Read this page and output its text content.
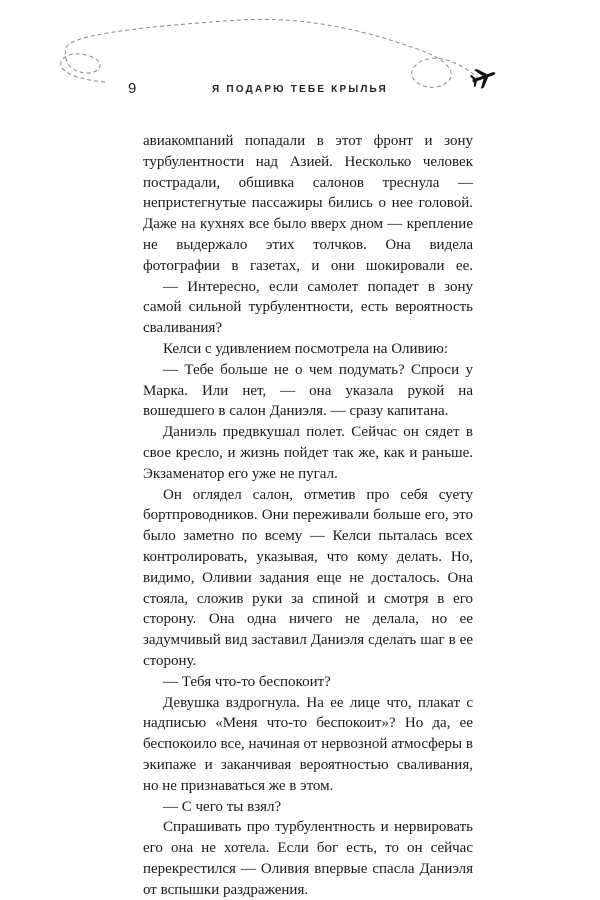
9	Я ПОДАРЮ ТЕБЕ КРЫЛЬЯ

авиакомпаний попадали в этот фронт и зону турбулентности над Азией. Несколько человек пострадали, обшивка салонов треснула — непристегнутые пассажиры бились о нее головой. Даже на кухнях все было вверх дном — крепление не выдержало этих толчков. Она видела фотографии в газетах, и они шокировали ее.

— Интересно, если самолет попадет в зону самой сильной турбулентности, есть вероятность сваливания?

Келси с удивлением посмотрела на Оливию:

— Тебе больше не о чем подумать? Спроси у Марка. Или нет, — она указала рукой на вошедшего в салон Даниэля. — сразу капитана.

Даниэль предвкушал полет. Сейчас он сядет в свое кресло, и жизнь пойдет так же, как и раньше. Экзаменатор его уже не пугал.

Он оглядел салон, отметив про себя суету бортпроводников. Они переживали больше его, это было заметно по всему — Келси пыталась всех контролировать, указывая, что кому делать. Но, видимо, Оливии задания еще не досталось. Она стояла, сложив руки за спиной и смотря в его сторону. Она одна ничего не делала, но ее задумчивый вид заставил Даниэля сделать шаг в ее сторону.

— Тебя что-то беспокоит?

Девушка вздрогнула. На ее лице что, плакат с надписью «Меня что-то беспокоит»? Но да, ее беспокоило все, начиная от нервозной атмосферы в экипаже и заканчивая вероятностью сваливания, но не признаваться же в этом.

— С чего ты взял?

Спрашивать про турбулентность и нервировать его она не хотела. Если бог есть, то он сейчас перекрестился — Оливия впервые спасла Даниэля от вспышки раздражения.
